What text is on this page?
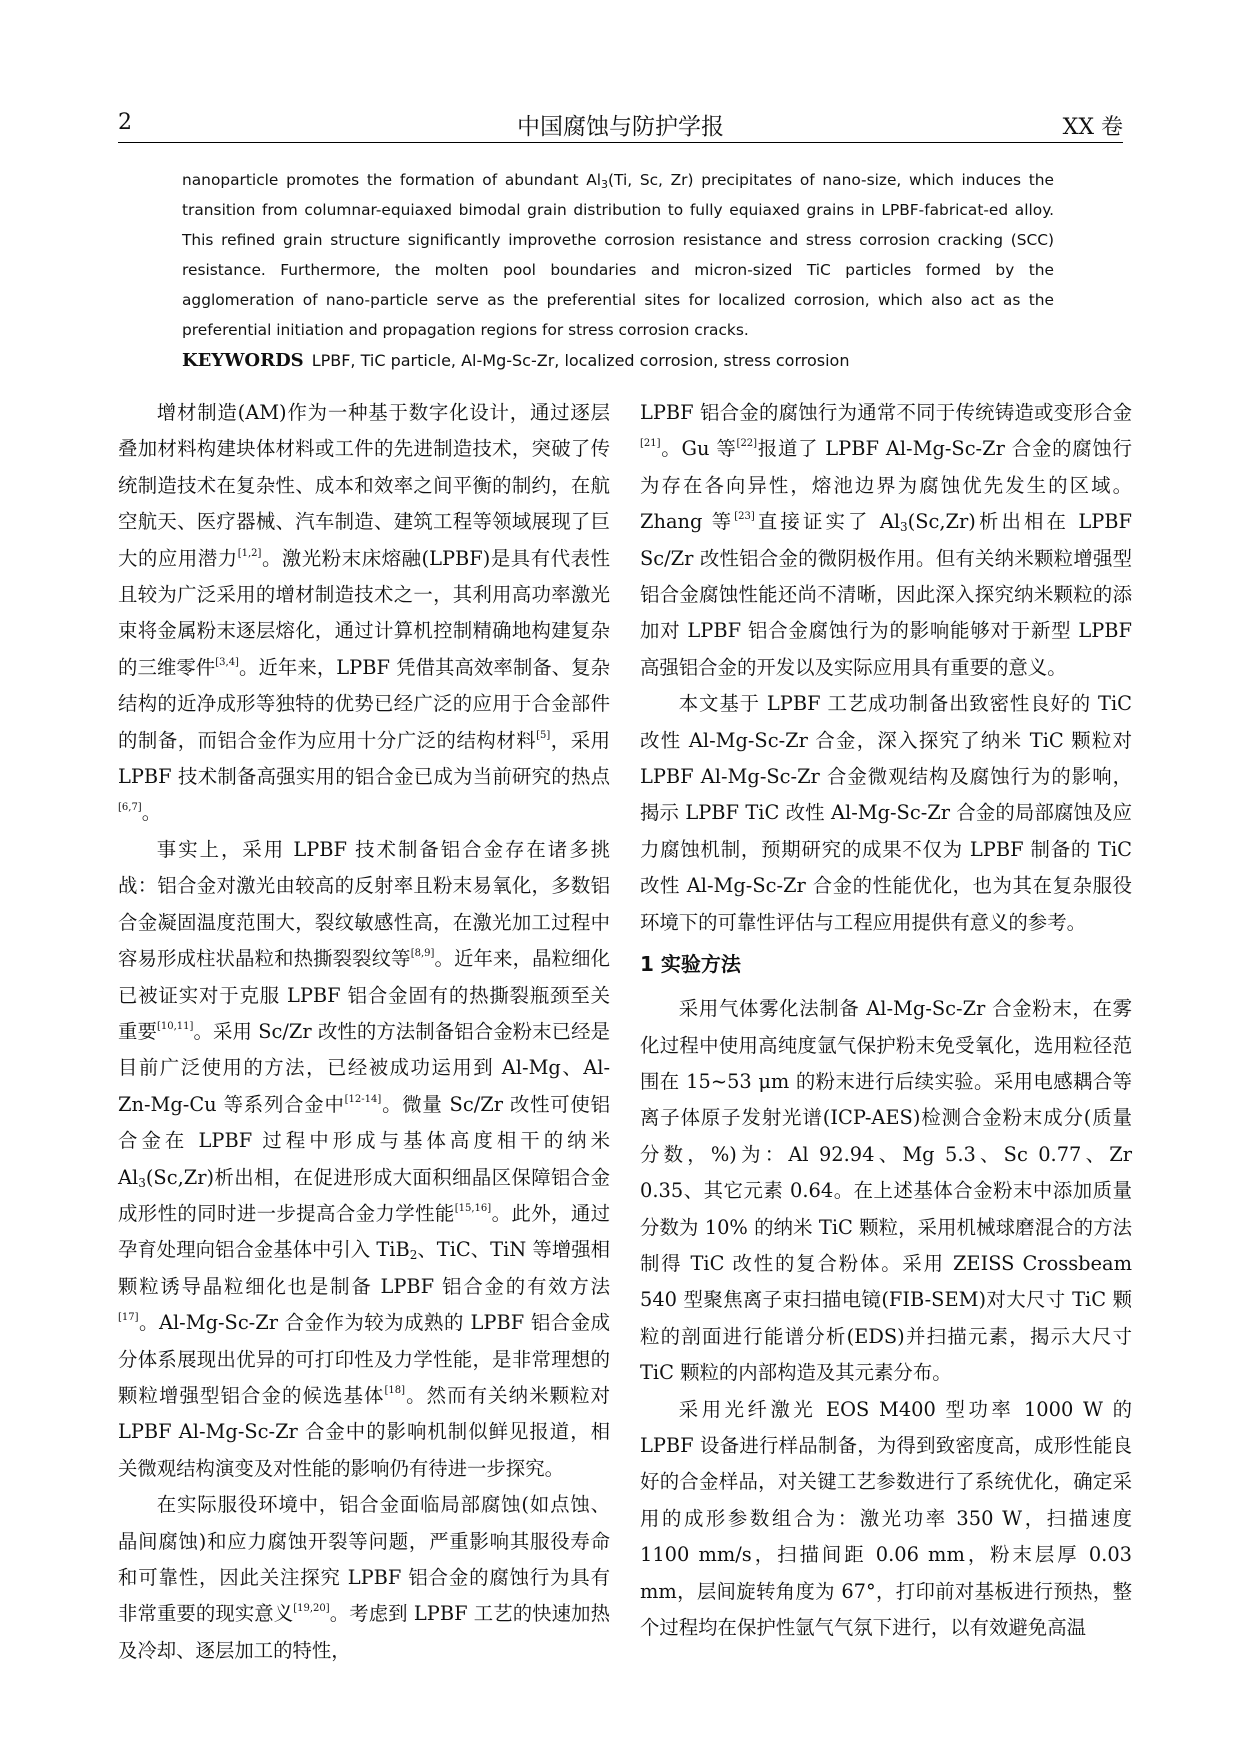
2	中国腐蚀与防护学报	XX 卷
nanoparticle promotes the formation of abundant $Al_3(Ti$, Sc, Zr) precipitates of nano-size, which induces the transition from columnar-equiaxed bimodal grain distribution to fully equiaxed grains in LPBF-fabricat-ed alloy. This refined grain structure significantly improvethe corrosion resistance and stress corrosion cracking (SCC) resistance. Furthermore, the molten pool boundaries and micron-sized TiC particles formed by the agglomeration of nano-particle serve as the preferential sites for localized corrosion, which also act as the preferential initiation and propagation regions for stress corrosion cracks.
KEYWORDS LPBF, TiC particle, Al-Mg-Sc-Zr, localized corrosion, stress corrosion

增材制造(AM)作为一种基于数字化设计，通过逐层叠加材料构建块体材料或工件的先进制造技术，突破了传统制造技术在复杂性、成本和效率之间平衡的制约，在航空航天、医疗器械、汽车制造、建筑工程等领域展现了巨大的应用潜力[1,2]。激光粉末床熔融(LPBF)是具有代表性且较为广泛采用的增材制造技术之一，其利用高功率激光束将金属粉末逐层熔化，通过计算机控制精确地构建复杂的三维零件[3,4]。近年来，LPBF 凭借其高效率制备、复杂结构的近净成形等独特的优势已经广泛的应用于合金部件的制备，而铝合金作为应用十分广泛的结构材料[5]，采用 LPBF 技术制备高强实用的铝合金已成为当前研究的热点[6,7]。

事实上，采用 LPBF 技术制备铝合金存在诸多挑战：铝合金对激光由较高的反射率且粉末易氧化，多数铝合金凝固温度范围大，裂纹敏感性高，在激光加工过程中容易形成柱状晶粒和热撕裂裂纹等[8,9]。近年来，晶粒细化已被证实对于克服 LPBF 铝合金固有的热撕裂瓶颈至关重要[10,11]。采用 Sc/Zr 改性的方法制备铝合金粉末已经是目前广泛使用的方法，已经被成功运用到 Al-Mg、Al-Zn-Mg-Cu 等系列合金中[12-14]。微量 Sc/Zr 改性可使铝合金在 LPBF 过程中形成与基体高度相干的纳米 $Al_3(Sc,Zr)$析出相，在促进形成大面积细晶区保障铝合金成形性的同时进一步提高合金力学性能[15,16]。此外，通过孕育处理向铝合金基体中引入 TiB$_2$、TiC、TiN 等增强相颗粒诱导晶粒细化也是制备 LPBF 铝合金的有效方法[17]。Al-Mg-Sc-Zr 合金作为较为成熟的 LPBF 铝合金成分体系展现出优异的可打印性及力学性能，是非常理想的颗粒增强型铝合金的候选基体[18]。然而有关纳米颗粒对 LPBF Al-Mg-Sc-Zr 合金中的影响机制似鲜见报道，相关微观结构演变及对性能的影响仍有待进一步探究。

在实际服役环境中，铝合金面临局部腐蚀(如点蚀、晶间腐蚀)和应力腐蚀开裂等问题，严重影响其服役寿命和可靠性，因此关注探究 LPBF 铝合金的腐蚀行为具有非常重要的现实意义[19,20]。考虑到 LPBF 工艺的快速加热及冷却、逐层加工的特性，

LPBF 铝合金的腐蚀行为通常不同于传统铸造或变形合金[21]。Gu 等[22]报道了 LPBF Al-Mg-Sc-Zr 合金的腐蚀行为存在各向异性，熔池边界为腐蚀优先发生的区域。Zhang 等[23]直接证实了 $Al_3(Sc,Zr)$析出相在 LPBF Sc/Zr 改性铝合金的微阴极作用。但有关纳米颗粒增强型铝合金腐蚀性能还尚不清晰，因此深入探究纳米颗粒的添加对 LPBF 铝合金腐蚀行为的影响能够对于新型 LPBF 高强铝合金的开发以及实际应用具有重要的意义。

本文基于 LPBF 工艺成功制备出致密性良好的 TiC 改性 Al-Mg-Sc-Zr 合金，深入探究了纳米 TiC 颗粒对 LPBF Al-Mg-Sc-Zr 合金微观结构及腐蚀行为的影响，揭示 LPBF TiC 改性 Al-Mg-Sc-Zr 合金的局部腐蚀及应力腐蚀机制，预期研究的成果不仅为 LPBF 制备的 TiC 改性 Al-Mg-Sc-Zr 合金的性能优化，也为其在复杂服役环境下的可靠性评估与工程应用提供有意义的参考。

1 实验方法

采用气体雾化法制备 Al-Mg-Sc-Zr 合金粉末，在雾化过程中使用高纯度氩气保护粉末免受氧化，选用粒径范围在 15~53 μm 的粉末进行后续实验。采用电感耦合等离子体原子发射光谱(ICP-AES)检测合金粉末成分(质量分数，%)为：Al 92.94、Mg 5.3、Sc 0.77、Zr 0.35、其它元素 0.64。在上述基体合金粉末中添加质量分数为 10% 的纳米 TiC 颗粒，采用机械球磨混合的方法制得 TiC 改性的复合粉体。采用 ZEISS Crossbeam 540 型聚焦离子束扫描电镜(FIB-SEM)对大尺寸 TiC 颗粒的剖面进行能谱分析(EDS)并扫描元素，揭示大尺寸 TiC 颗粒的内部构造及其元素分布。

采用光纤激光 EOS M400 型功率 1000 W 的 LPBF 设备进行样品制备，为得到致密度高，成形性能良好的合金样品，对关键工艺参数进行了系统优化，确定采用的成形参数组合为：激光功率 350 W，扫描速度 1100 mm/s，扫描间距 0.06 mm，粉末层厚 0.03 mm，层间旋转角度为 67°，打印前对基板进行预热，整个过程均在保护性氩气气氛下进行，以有效避免高温
